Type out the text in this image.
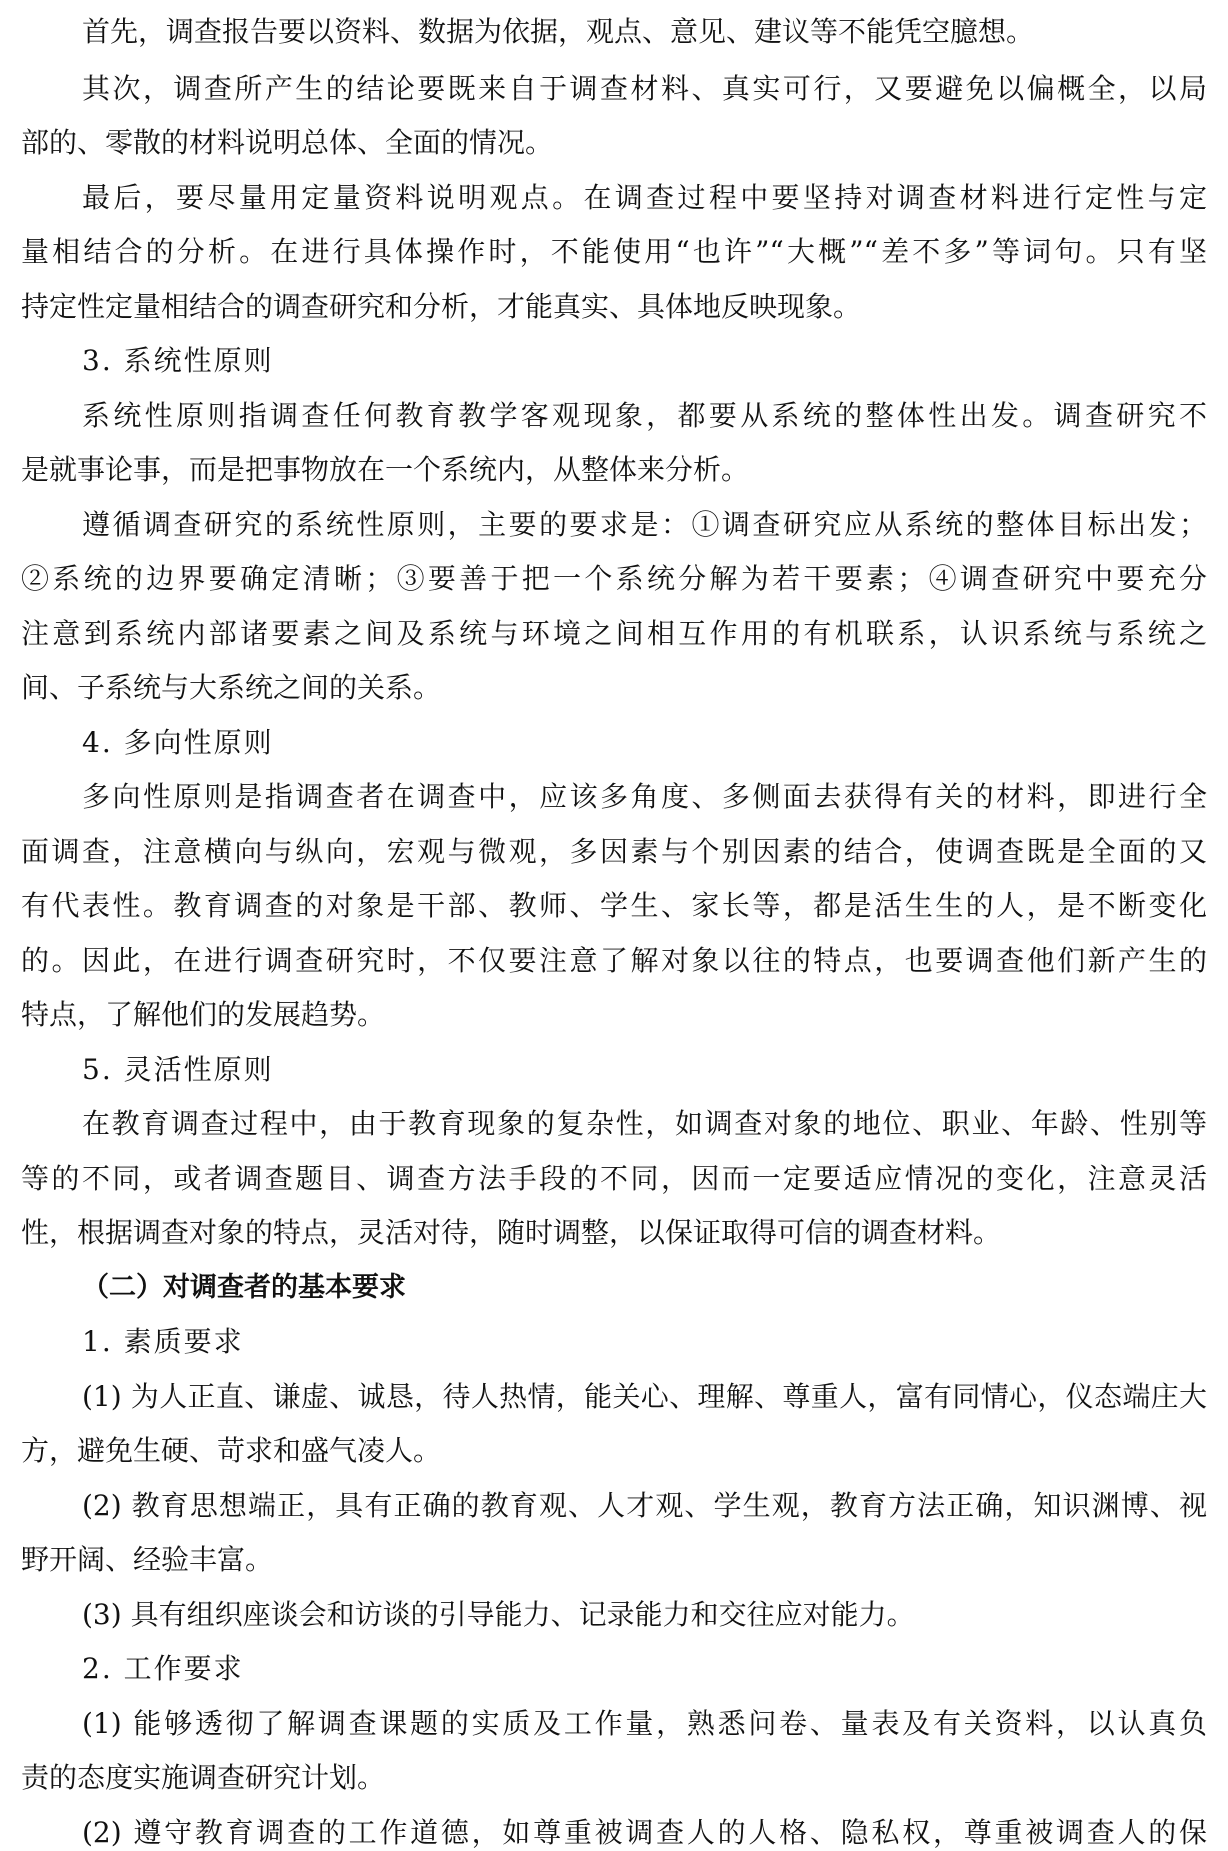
首先，调查报告要以资料、数据为依据，观点、意见、建议等不能凭空臆想。
其次，调查所产生的结论要既来自于调查材料、真实可行，又要避免以偏概全，以局
部的、零散的材料说明总体、全面的情况。
最后，要尽量用定量资料说明观点。在调查过程中要坚持对调查材料进行定性与定
量相结合的分析。在进行具体操作时，不能使用“也许”“大概”“差不多”等词句。只有坚
持定性定量相结合的调查研究和分析，才能真实、具体地反映现象。
3. 系统性原则
系统性原则指调查任何教育教学客观现象，都要从系统的整体性出发。调查研究不
是就事论事，而是把事物放在一个系统内，从整体来分析。
遵循调查研究的系统性原则，主要的要求是：①调查研究应从系统的整体目标出发；
②系统的边界要确定清晰；③要善于把一个系统分解为若干要素；④调查研究中要充分
注意到系统内部诸要素之间及系统与环境之间相互作用的有机联系，认识系统与系统之
间、子系统与大系统之间的关系。
4. 多向性原则
多向性原则是指调查者在调查中，应该多角度、多侧面去获得有关的材料，即进行全
面调查，注意横向与纵向，宏观与微观，多因素与个别因素的结合，使调查既是全面的又
有代表性。教育调查的对象是干部、教师、学生、家长等，都是活生生的人，是不断变化
的。因此，在进行调查研究时，不仅要注意了解对象以往的特点，也要调查他们新产生的
特点，了解他们的发展趋势。
5. 灵活性原则
在教育调查过程中，由于教育现象的复杂性，如调查对象的地位、职业、年龄、性别等
等的不同，或者调查题目、调查方法手段的不同，因而一定要适应情况的变化，注意灵活
性，根据调查对象的特点，灵活对待，随时调整，以保证取得可信的调查材料。
（二）对调查者的基本要求
1. 素质要求
(1) 为人正直、谦虚、诚恳，待人热情，能关心、理解、尊重人，富有同情心，仪态端庄大
方，避免生硬、苛求和盛气凌人。
(2) 教育思想端正，具有正确的教育观、人才观、学生观，教育方法正确，知识渊博、视
野开阔、经验丰富。
(3) 具有组织座谈会和访谈的引导能力、记录能力和交往应对能力。
2. 工作要求
(1) 能够透彻了解调查课题的实质及工作量，熟悉问卷、量表及有关资料，以认真负
责的态度实施调查研究计划。
(2) 遵守教育调查的工作道德，如尊重被调查人的人格、隐私权，尊重被调查人的保
